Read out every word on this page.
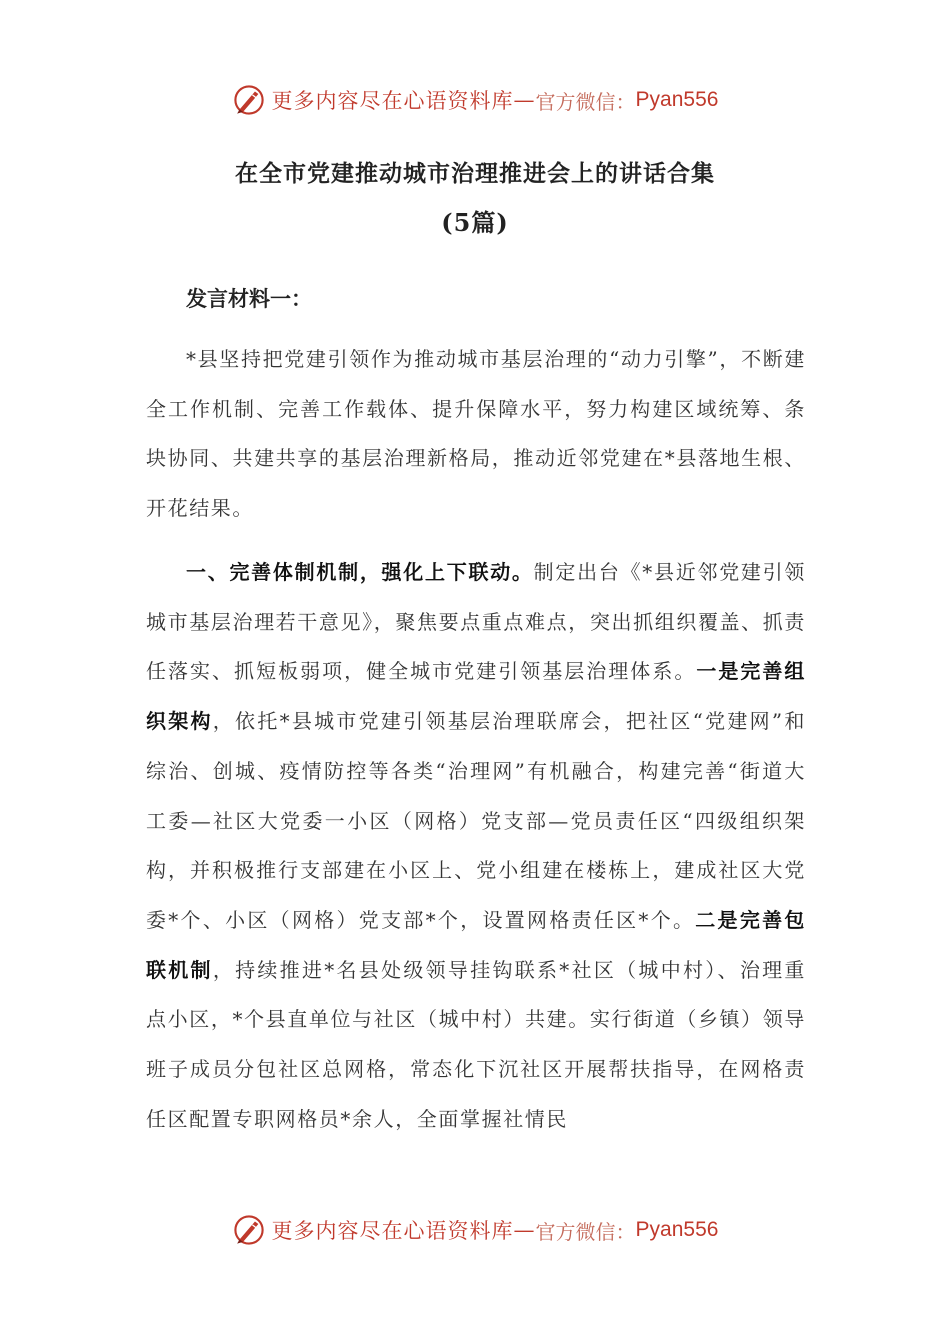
更多内容尽在心语资料库 — 官方微信： Pyan556
在全市党建推动城市治理推进会上的讲话合集
(5篇)
发言材料一：
*县坚持把党建引领作为推动城市基层治理的“动力引擎”，不断建全工作机制、完善工作载体、提升保障水平，努力构建区域统筹、条块协同、共建共享的基层治理新格局，推动近邻党建在*县落地生根、开花结果。
一、完善体制机制，强化上下联动。制定出台《*县近邻党建引领城市基层治理若干意见》，聚焦要点重点难点，突出抓组织覆盖、抓责任落实、抓短板弱项，健全城市党建引领基层治理体系。一是完善组织架构，依托*县城市党建引领基层治理联席会，把社区“党建网”和综治、创城、疫情防控等各类“治理网”有机融合，构建完善“街道大工委—社区大党委一小区（网格）党支部—党员责任区“四级组织架构，并积极推行支部建在小区上、党小组建在楼栋上，建成社区大党委*个、小区（网格）党支部*个，设置网格责任区*个。二是完善包联机制，持续推进*名县处级领导挂钩联系*社区（城中村）、治理重点小区，*个县直单位与社区（城中村）共建。实行街道（乡镇）领导班子成员分包社区总网格，常态化下沉社区开展帮扶指导，在网格责任区配置专职网格员*余人，全面掌握社情民
更多内容尽在心语资料库 — 官方微信： Pyan556
